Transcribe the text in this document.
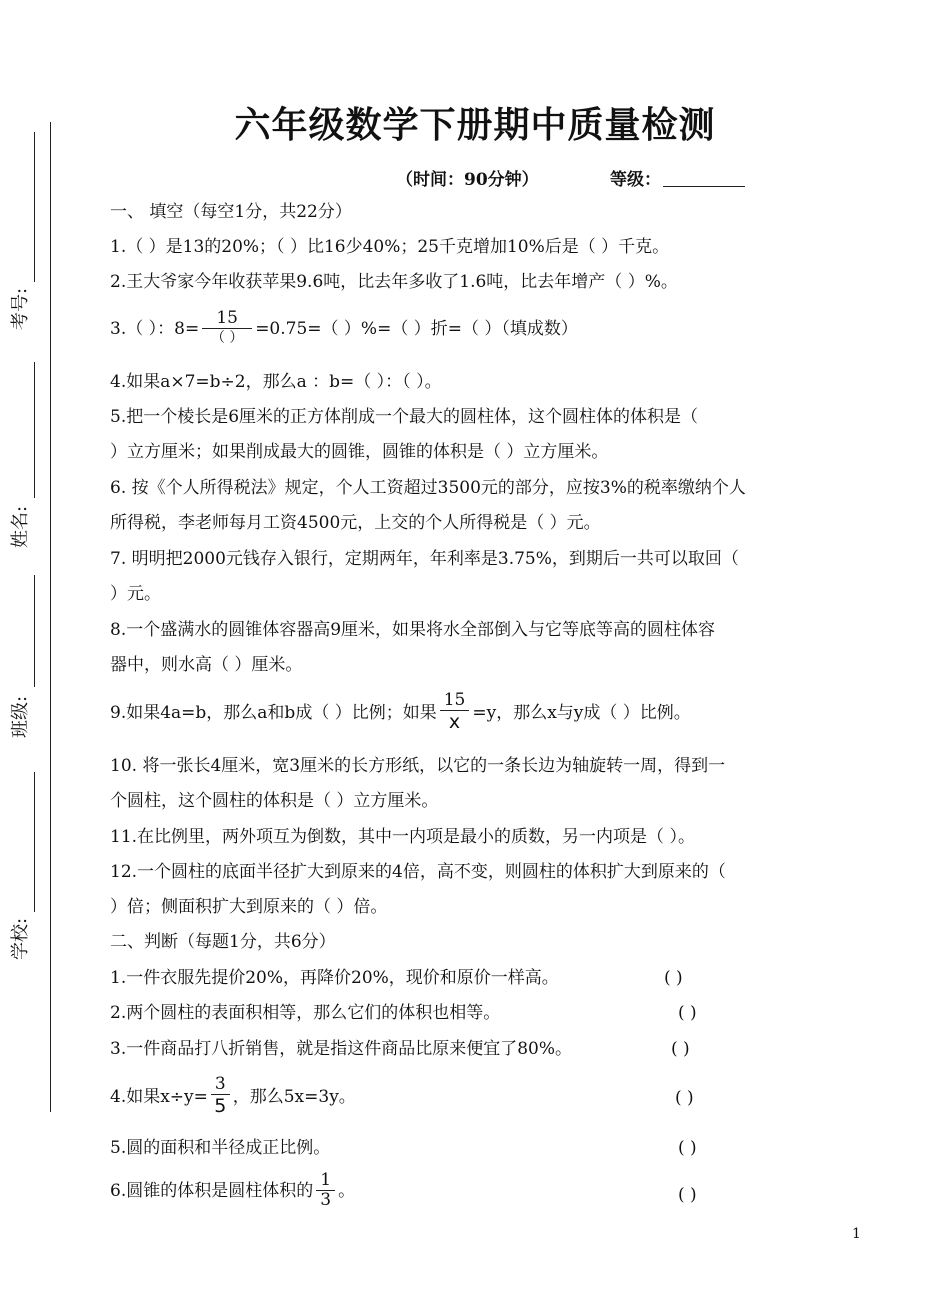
考号:
姓名:
班级:
学校:
六年级数学下册期中质量检测
（时间：90分钟）	等级：
一、 填空（每空1分，共22分）
1.（ ）是13的20%；（ ）比16少40%；25千克增加10%后是（ ）千克。
2.王大爷家今年收获苹果9.6吨，比去年多收了1.6吨，比去年增产（ ）%。
3.（ ）：$8= \frac{15}{( )} =0.75=$（ ）%=（ ）折=（ ）（填成数）
4.如果a×7=b÷2，那么a ：b=（ ）：（ ）。
5.把一个棱长是6厘米的正方体削成一个最大的圆柱体，这个圆柱体的体积是（
）立方厘米；如果削成最大的圆锥，圆锥的体积是（ ）立方厘米。
6. 按《个人所得税法》规定，个人工资超过3500元的部分，应按3%的税率缴纳个人
所得税，李老师每月工资4500元，上交的个人所得税是（ ）元。
7. 明明把2000元钱存入银行，定期两年，年利率是3.75%，到期后一共可以取回（
）元。
8.一个盛满水的圆锥体容器高9厘米，如果将水全部倒入与它等底等高的圆柱体容
器中，则水高（ ）厘米。
9.如果4a=b，那么a和b成（ ）比例；如果 $\frac{15}{x} =y$，那么x与y成（ ）比例。
10. 将一张长4厘米，宽3厘米的长方形纸，以它的一条长边为轴旋转一周，得到一
个圆柱，这个圆柱的体积是（ ）立方厘米。
11.在比例里，两外项互为倒数，其中一内项是最小的质数，另一内项是（ ）。
12.一个圆柱的底面半径扩大到原来的4倍，高不变，则圆柱的体积扩大到原来的（
）倍；侧面积扩大到原来的（ ）倍。
二、判断（每题1分，共6分）
1.一件衣服先提价20%，再降价20%，现价和原价一样高。	( )
2.两个圆柱的表面积相等，那么它们的体积也相等。	( )
3.一件商品打八折销售，就是指这件商品比原来便宜了80%。	( )
4.如果$x\div y= \frac{3}{5}$ ，那么5x=3y。	( )
5.圆的面积和半径成正比例。	( )
6.圆锥的体积是圆柱体积的 $\frac{1}{3}$ 。	( )
1
